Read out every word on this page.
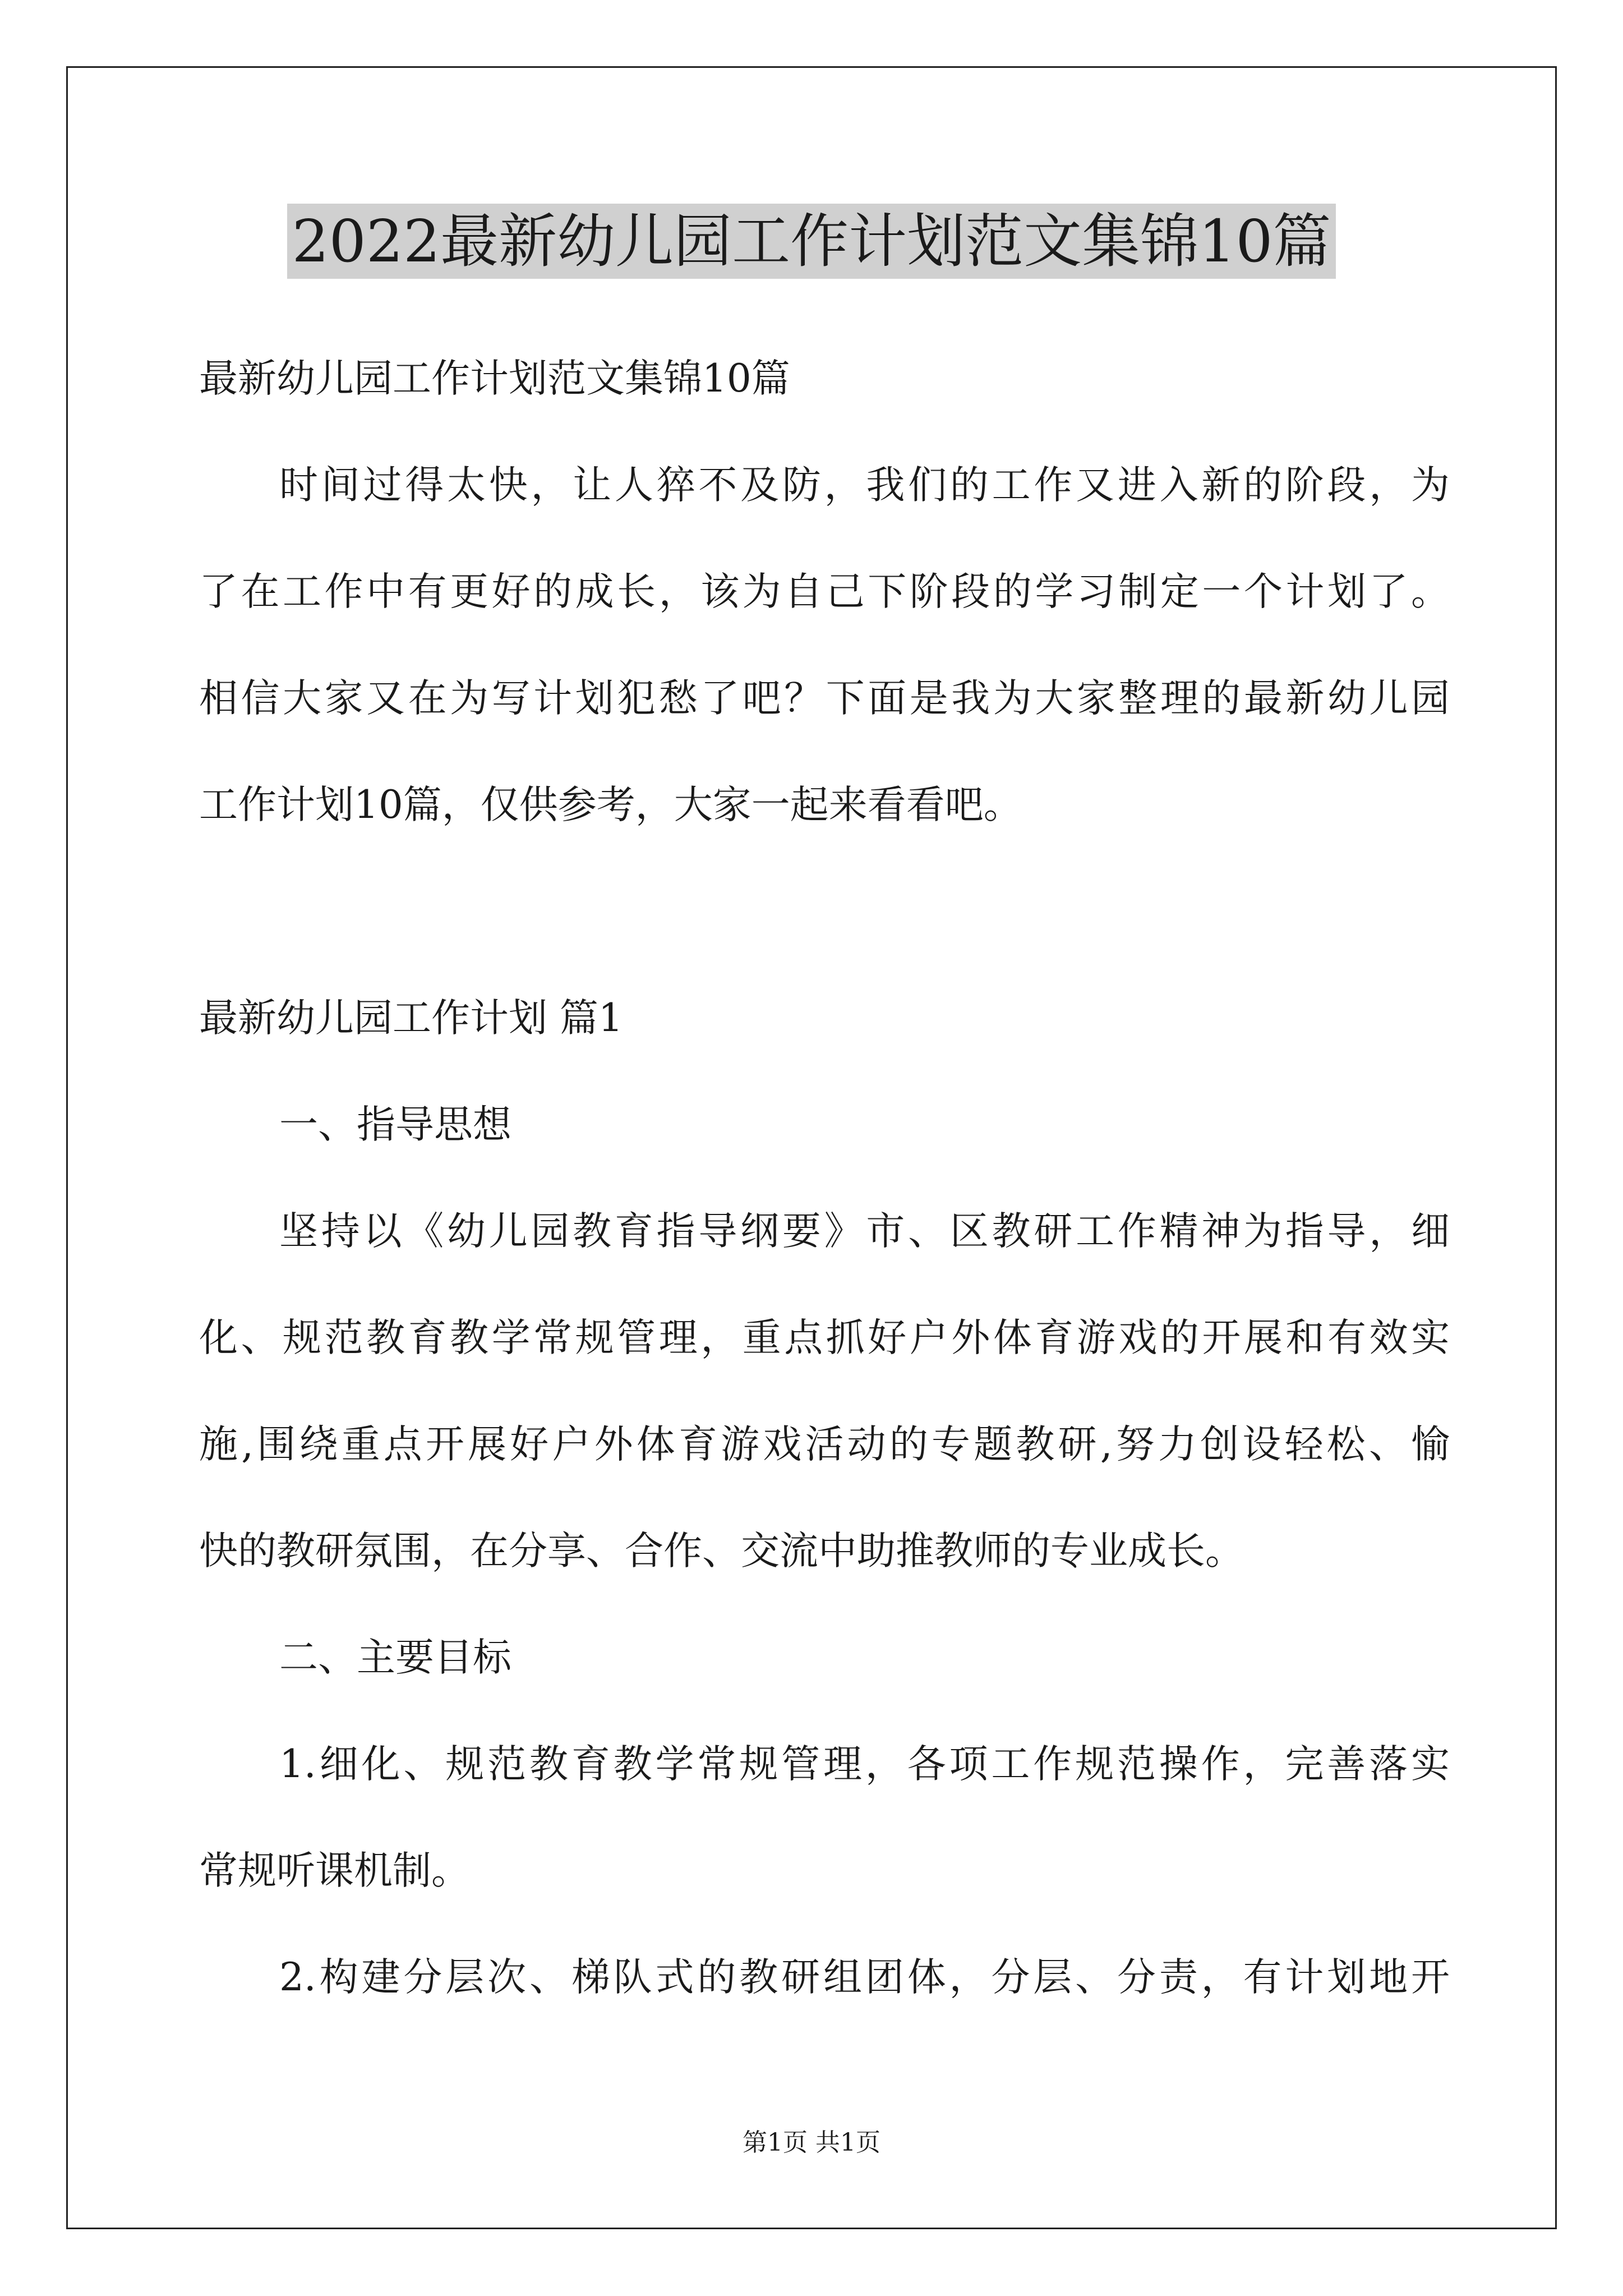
2022最新幼儿园工作计划范文集锦10篇
最新幼儿园工作计划范文集锦10篇
时间过得太快，让人猝不及防，我们的工作又进入新的阶段，为
了在工作中有更好的成长，该为自己下阶段的学习制定一个计划了。
相信大家又在为写计划犯愁了吧？下面是我为大家整理的最新幼儿园
工作计划10篇，仅供参考，大家一起来看看吧。
最新幼儿园工作计划 篇1
一、指导思想
坚持以《幼儿园教育指导纲要》市、区教研工作精神为指导，细
化、规范教育教学常规管理，重点抓好户外体育游戏的开展和有效实
施,围绕重点开展好户外体育游戏活动的专题教研,努力创设轻松、愉
快的教研氛围，在分享、合作、交流中助推教师的专业成长。
二、主要目标
1.细化、规范教育教学常规管理，各项工作规范操作，完善落实
常规听课机制。
2.构建分层次、梯队式的教研组团体，分层、分责，有计划地开
第1页 共1页
